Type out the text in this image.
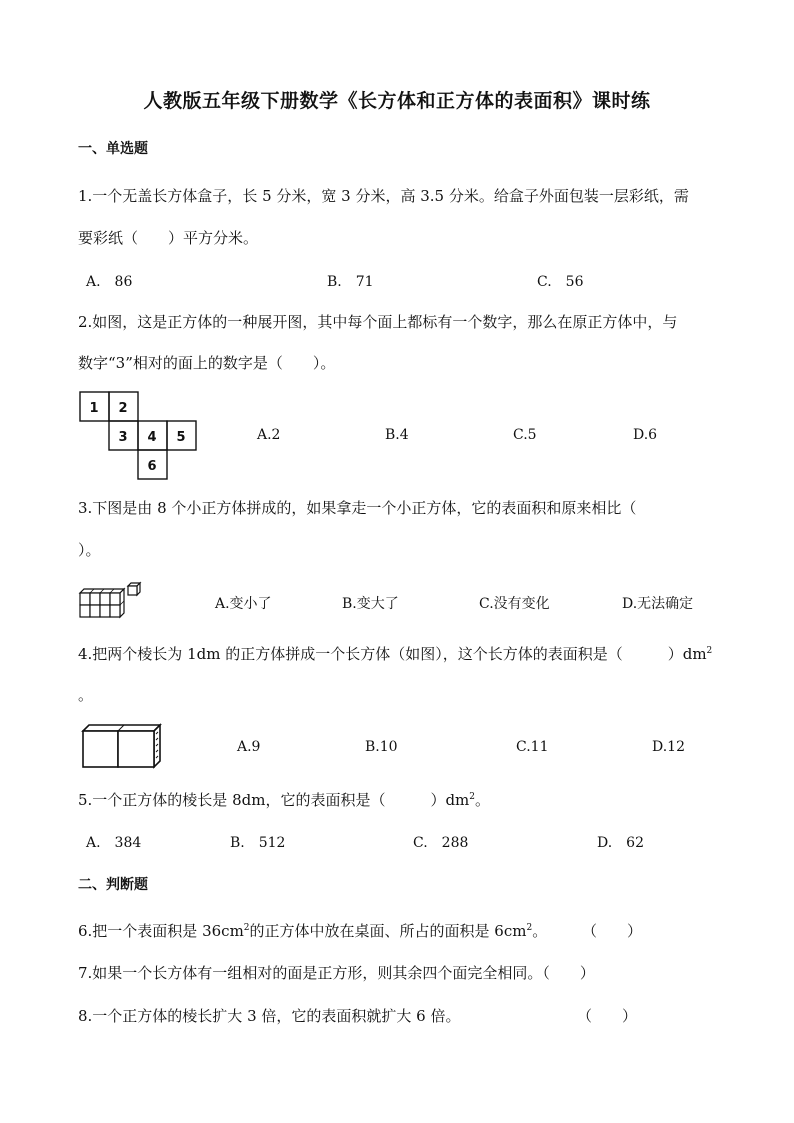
人教版五年级下册数学《长方体和正方体的表面积》课时练
一、单选题
1.一个无盖长方体盒子，长 5 分米，宽 3 分米，高 3.5 分米。给盒子外面包装一层彩纸，需
要彩纸（　　）平方分米。
A.　86	B.　71	C.　56
2.如图，这是正方体的一种展开图，其中每个面上都标有一个数字，那么在原正方体中，与
数字“3”相对的面上的数字是（　　）。
1 2
3 4 5
6
A.2	B.4	C.5	D.6
3.下图是由 8 个小正方体拼成的，如果拿走一个小正方体，它的表面积和原来相比（
）。
A.变小了	B.变大了	C.没有变化	D.无法确定
4.把两个棱长为 1dm 的正方体拼成一个长方体（如图），这个长方体的表面积是（　　　）$dm^2$
。
A.9	B.10	C.11	D.12
5.一个正方体的棱长是 8dm，它的表面积是（　　　）$dm^2$。
A.　384	B.　512	C.　288	D.　62
二、判断题
6.把一个表面积是 $36cm^2$的正方体中放在桌面、所占的面积是 $6cm^2$。 （　　）
7.如果一个长方体有一组相对的面是正方形，则其余四个面完全相同。（　　）
8.一个正方体的棱长扩大 3 倍，它的表面积就扩大 6 倍。	（　　）
